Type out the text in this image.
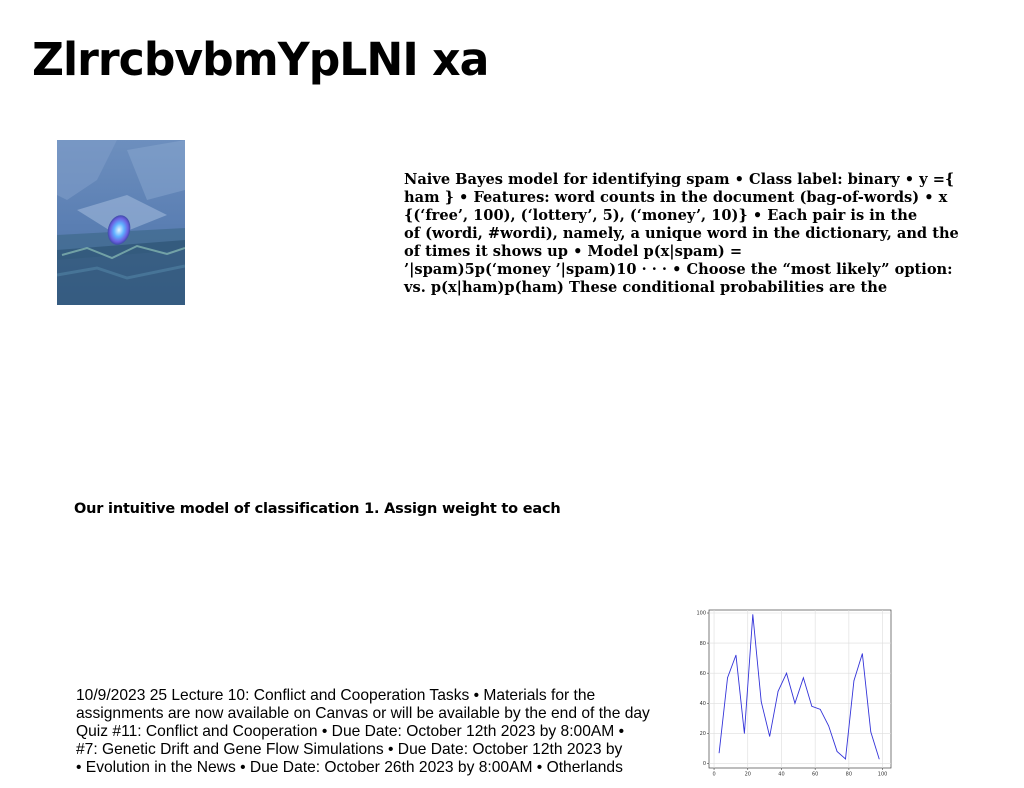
ZlrrcbvbmYpLNI xa

Naive Bayes model for identifying spam • Class label: binary • y ={
ham } • Features: word counts in the document (bag-of-words) • x
{(‘free’, 100), (‘lottery’, 5), (‘money’, 10)} • Each pair is in the
of (wordi, #wordi), namely, a unique word in the dictionary, and the
of times it shows up • Model p(x|spam) =
’|spam)5p(‘money ’|spam)10 · · · • Choose the “most likely” option:
vs. p(x|ham)p(ham) These conditional probabilities are the

Our intuitive model of classification 1. Assign weight to each

10/9/2023 25 Lecture 10: Conflict and Cooperation Tasks • Materials for the
assignments are now available on Canvas or will be available by the end of the day
Quiz #11: Conflict and Cooperation • Due Date: October 12th 2023 by 8:00AM •
#7: Genetic Drift and Gene Flow Simulations • Due Date: October 12th 2023 by
• Evolution in the News • Due Date: October 26th 2023 by 8:00AM • Otherlands	0	20	40	60	80	100
0
20
40
60
80
100
